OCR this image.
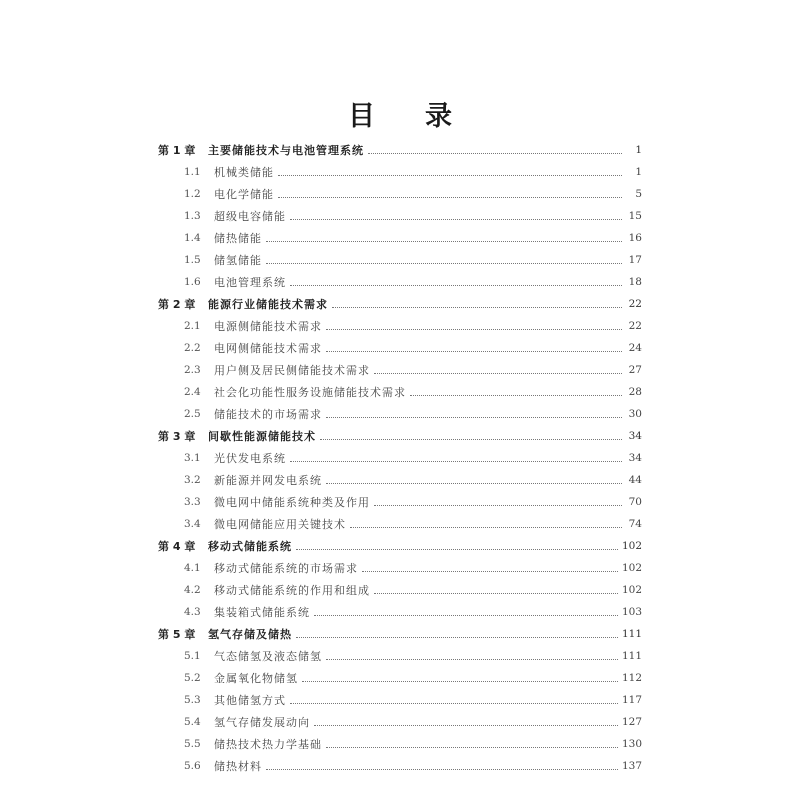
目 录
第 1 章	主要储能技术与电池管理系统	1
1.1	机械类储能	1
1.2	电化学储能	5
1.3	超级电容储能	15
1.4	储热储能	16
1.5	储氢储能	17
1.6	电池管理系统	18
第 2 章	能源行业储能技术需求	22
2.1	电源侧储能技术需求	22
2.2	电网侧储能技术需求	24
2.3	用户侧及居民侧储能技术需求	27
2.4	社会化功能性服务设施储能技术需求	28
2.5	储能技术的市场需求	30
第 3 章	间歇性能源储能技术	34
3.1	光伏发电系统	34
3.2	新能源并网发电系统	44
3.3	微电网中储能系统种类及作用	70
3.4	微电网储能应用关键技术	74
第 4 章	移动式储能系统	102
4.1	移动式储能系统的市场需求	102
4.2	移动式储能系统的作用和组成	102
4.3	集装箱式储能系统	103
第 5 章	氢气存储及储热	111
5.1	气态储氢及液态储氢	111
5.2	金属氧化物储氢	112
5.3	其他储氢方式	117
5.4	氢气存储发展动向	127
5.5	储热技术热力学基础	130
5.6	储热材料	137
